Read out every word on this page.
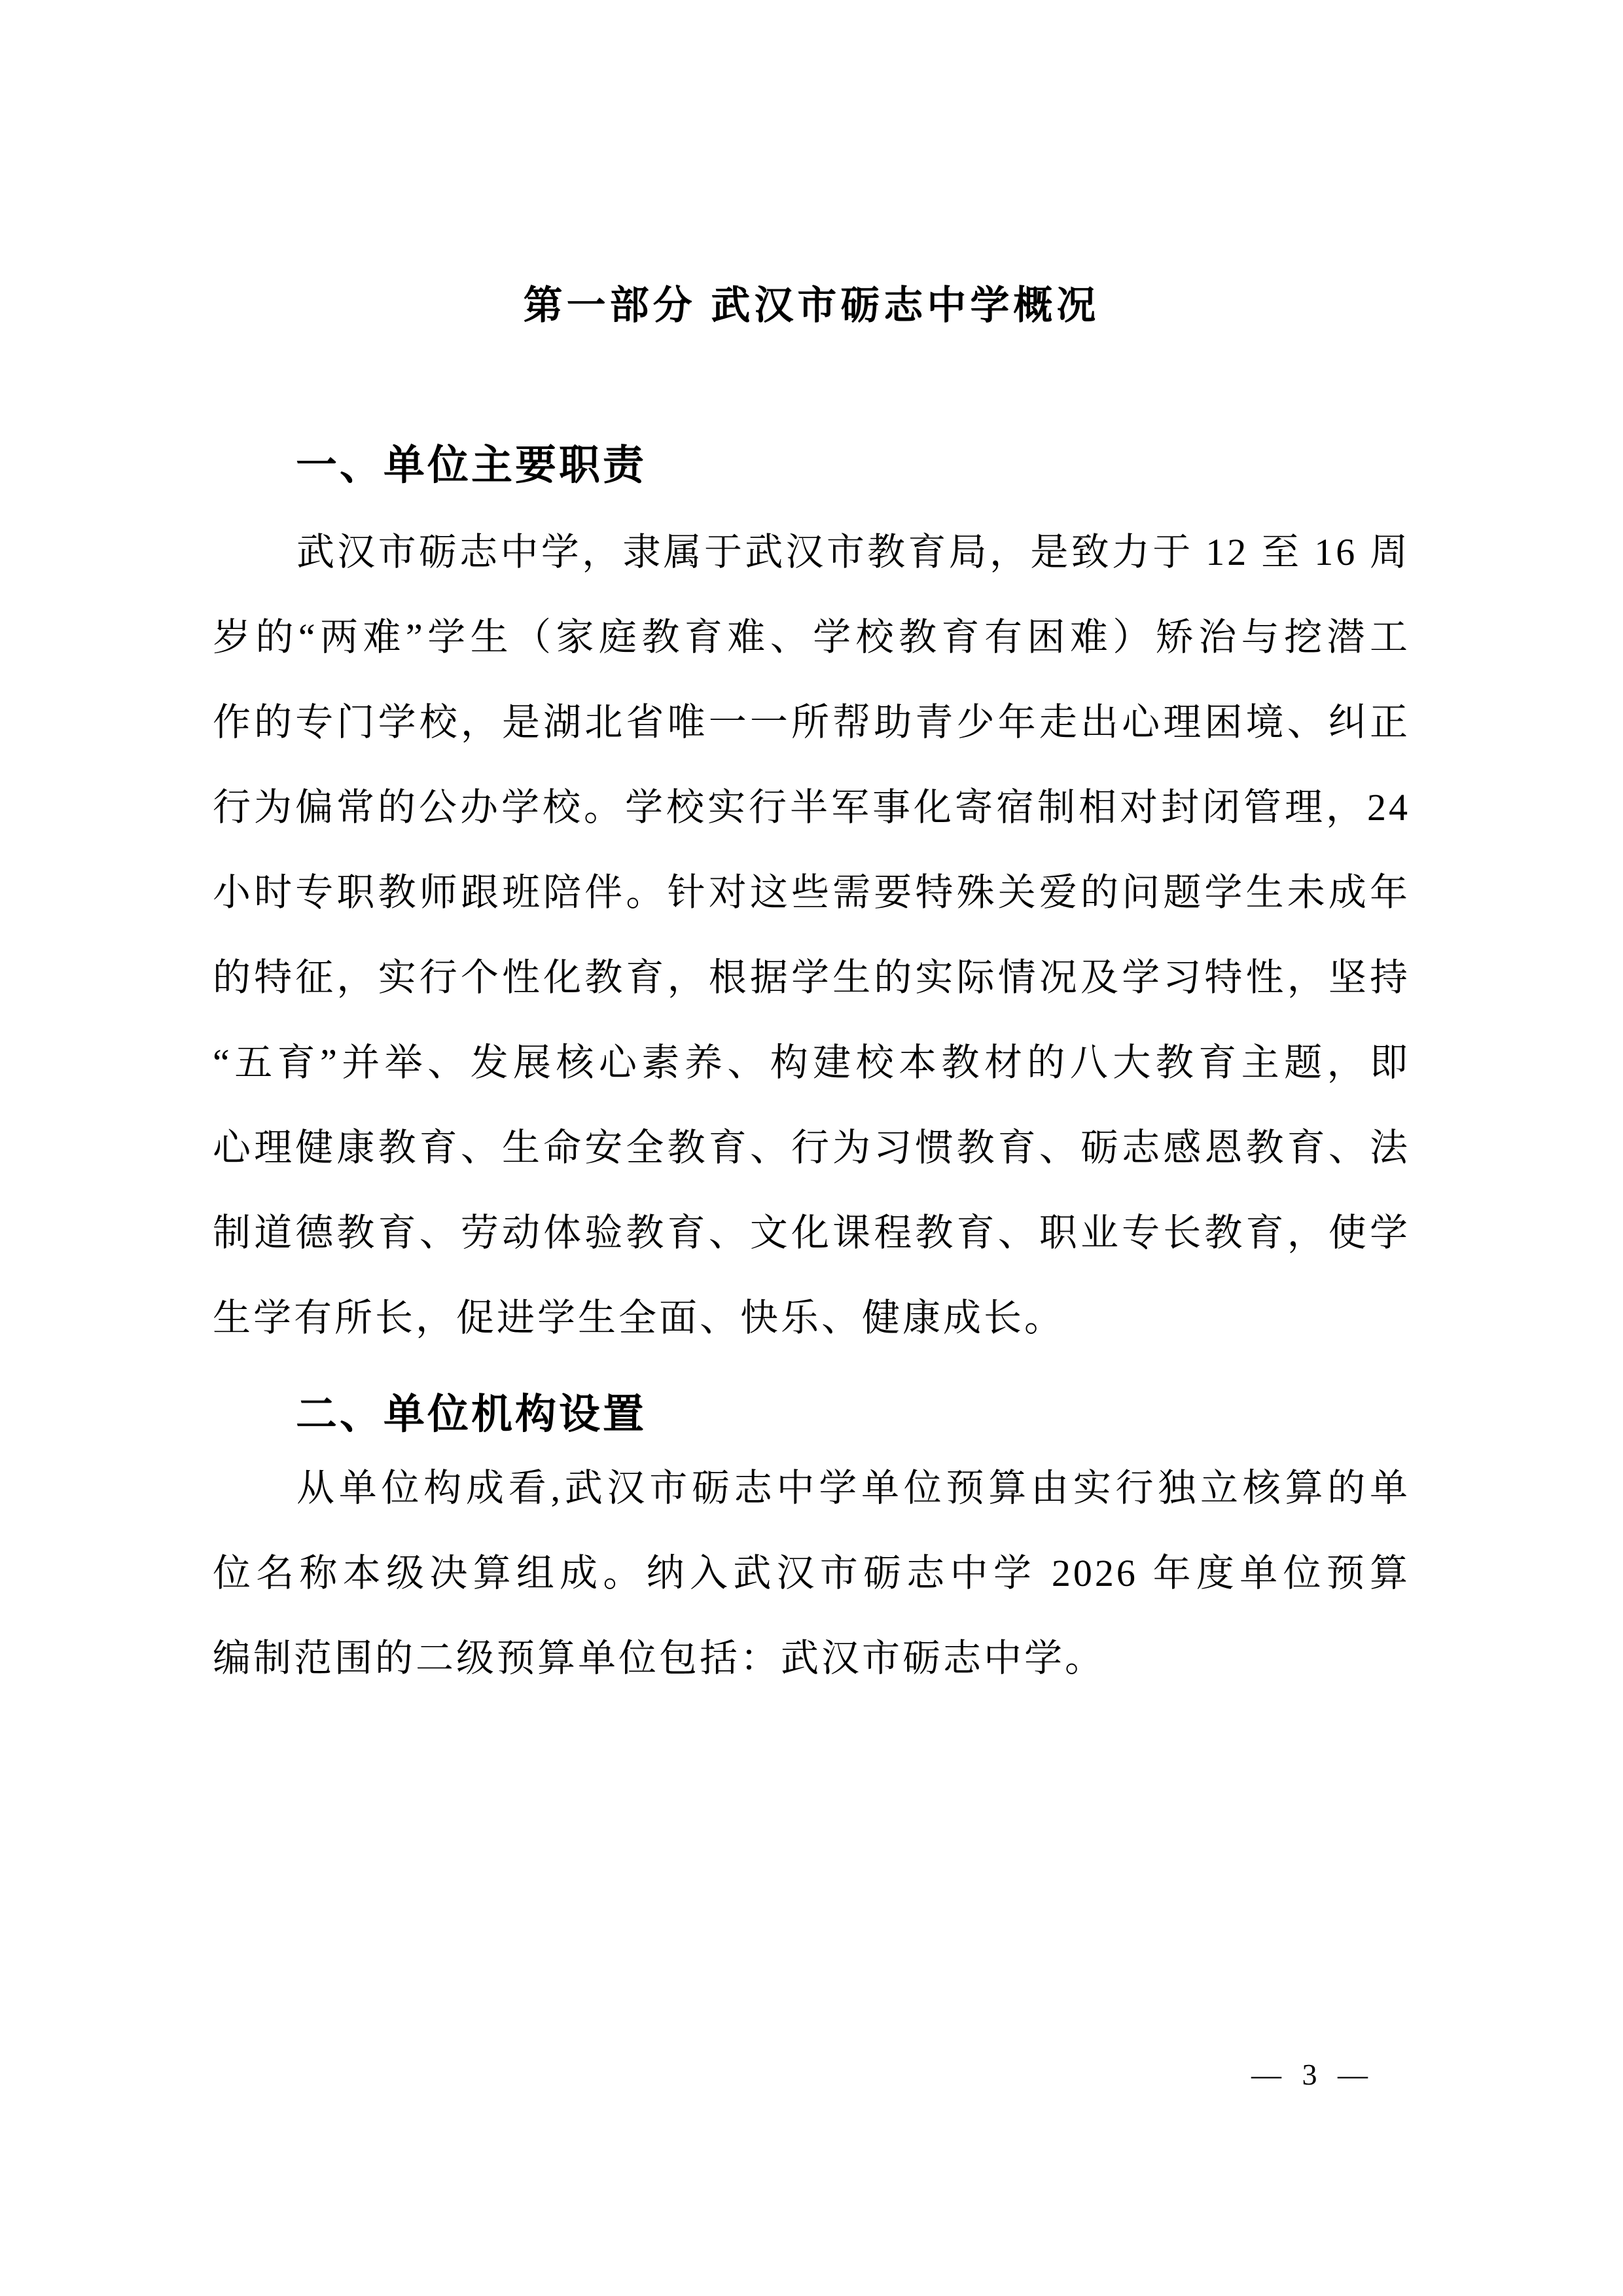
第一部分 武汉市砺志中学概况
一、单位主要职责
武汉市砺志中学，隶属于武汉市教育局，是致力于 12 至 16 周
岁的“两难”学生（家庭教育难、学校教育有困难）矫治与挖潜工
作的专门学校，是湖北省唯一一所帮助青少年走出心理困境、纠正
行为偏常的公办学校。学校实行半军事化寄宿制相对封闭管理，24
小时专职教师跟班陪伴。针对这些需要特殊关爱的问题学生未成年
的特征，实行个性化教育，根据学生的实际情况及学习特性，坚持
“五育”并举、发展核心素养、构建校本教材的八大教育主题，即
心理健康教育、生命安全教育、行为习惯教育、砺志感恩教育、法
制道德教育、劳动体验教育、文化课程教育、职业专长教育，使学
生学有所长，促进学生全面、快乐、健康成长。
二、单位机构设置
从单位构成看,武汉市砺志中学单位预算由实行独立核算的单
位名称本级决算组成。纳入武汉市砺志中学 2026 年度单位预算
编制范围的二级预算单位包括：武汉市砺志中学。
— 3 —
